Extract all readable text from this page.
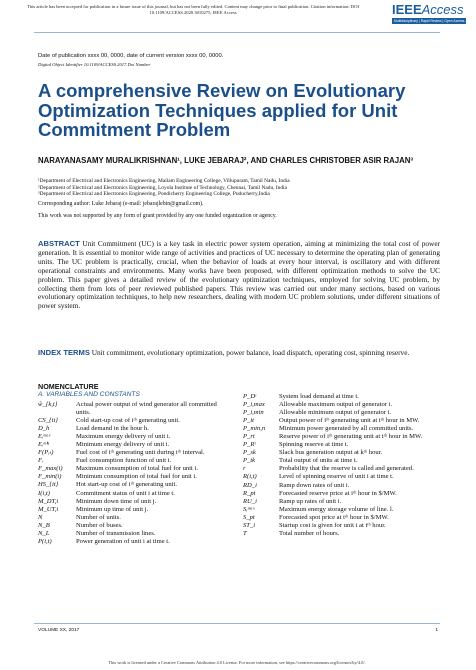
This article has been accepted for publication in a future issue of this journal, but has not been fully edited. Content may change prior to final publication. Citation information: DOI 10.1109/ACCESS.2020.3010275, IEEE Access	IEEEAccess
Multidisciplinary | Rapid Review | Open Access Journal
Date of publication xxxx 00, 0000, date of current version xxxx 00, 0000.
Digital Object Identifier 10.1109/ACCESS.2017.Doi Number
A comprehensive Review on Evolutionary Optimization Techniques applied for Unit Commitment Problem
NARAYANASAMY MURALIKRISHNAN¹, LUKE JEBARAJ², AND CHARLES CHRISTOBER ASIR RAJAN³
¹Department of Electrical and Electronics Engineering, Mailam Engineering College, Villupuram, Tamil Nadu, India
²Department of Electrical and Electronics Engineering, Loyola Institute of Technology, Chennai, Tamil Nadu, India
³Department of Electrical and Electronics Engineering, Pondicherry Engineering College, Puducherry,India
Corresponding author: Luke Jebaraj (e-mail: jebarajlebin@gmail.com).
This work was not supported by any form of grant provided by any one funded organization or agency.
ABSTRACT Unit Commitment (UC) is a key task in electric power system operation, aiming at minimizing the total cost of power generation. It is essential to monitor wide range of activities and practices of UC necessary to determine the operating plan of generating units. The UC problem is practically, crucial, when the behavior of loads at every hour interval, is oscillatory and with different operational constraints and environments. Many works have been proposed, with different optimization methods to solve the UC problem. This paper gives a detailed review of the evolutionary optimization techniques, employed for solving UC problem, by collecting them from lots of peer reviewed published papers. This review was carried out under many sections, based on various evolutionary optimization techniques, to help new researchers, dealing with modern UC problem solutions, under different situations of power system.
INDEX TERMS Unit commitment, evolutionary optimization, power balance, load dispatch, operating cost, spinning reserve.
NOMENCLATURE
A. VARIABLES AND CONSTANTS
ŵ_{k,t}	Actual power output of wind generator all committed units.
CS_{it}	Cold start-up cost of iᵗʰ generating unit.
D_h	Load demand in the hour h.
Eᵢᵐᵃˣ	Maximum energy delivery of unit i.
Eᵢᵐⁱⁿ	Minimum energy delivery of unit i.
F(Pᵢₜ)	Fuel cost of iᵗʰ generating unit during iᵗʰ interval.
Fᵢ	Fuel consumption function of unit i.
F_max(i)	Maximum consumption of total fuel for unit i.
F_min(i)	Minimum consumption of total fuel for unit i.
HS_{it}	Hot start-up cost of iᵗʰ generating unit.
I(i,t)	Commitment status of unit i at time t.
M_DT,i	Minimum down time of unit j.
M_UT,i	Minimum up time of unit j.
N	Number of units.
N_B	Number of buses.
N_L	Number of transmission lines.
P(i,t)	Power generation of unit i at time t.
P_Dᵗ	System load demand at time t.
P_i,max	Allowable maximum output of generator i.
P_i,min	Allowable minimum output of generator i.
P_it	Output power of iᵗʰ generating unit at tᵗʰ hour in MW.
P_min,n	Minimum power generated by all committed units.
P_rt	Reserve power of iᵗʰ generating unit at tᵗʰ hour in MW.
P_Rᵗ	Spinning reserve at time t.
P_sk	Slack bus generation output at kᵗʰ hour.
P_tk	Total output of units at time t.
r	Probability that the reserve is called and generated.
R(i,t)	Level of spinning reserve of unit i at time t.
RD_i	Ramp down rates of unit i.
R_pt	Forecasted reserve price at iᵗʰ hour in $/MW.
RU_i	Ramp up rates of unit i.
Sᵢᵐᵃˣ	Maximum energy storage volume of line. l.
S_pt	Forecasted spot price at tᵗʰ hour in $/MW.
ST_i	Startup cost is given for unit i at tᵗʰ hour.
T	Total number of hours.
VOLUME XX, 2017	1
This work is licensed under a Creative Commons Attribution 4.0 License. For more information, see https://creativecommons.org/licenses/by/4.0/.
